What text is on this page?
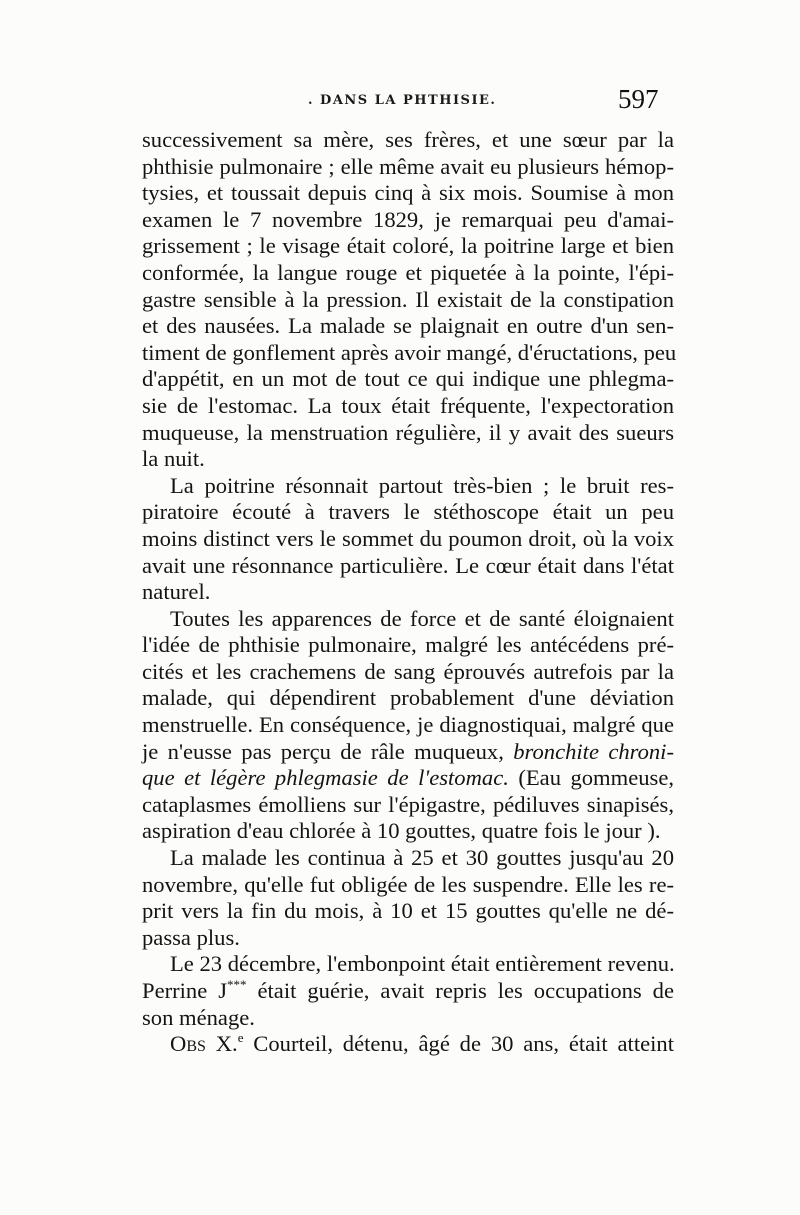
. DANS LA PHTHISIE.	597
successivement sa mère, ses frères, et une sœur par la
phthisie pulmonaire ; elle même avait eu plusieurs hémop-
tysies, et toussait depuis cinq à six mois. Soumise à mon
examen le 7 novembre 1829, je remarquai peu d'amai-
grissement ; le visage était coloré, la poitrine large et bien
conformée, la langue rouge et piquetée à la pointe, l'épi-
gastre sensible à la pression. Il existait de la constipation
et des nausées. La malade se plaignait en outre d'un sen-
timent de gonflement après avoir mangé, d'éructations, peu
d'appétit, en un mot de tout ce qui indique une phlegma-
sie de l'estomac. La toux était fréquente, l'expectoration
muqueuse, la menstruation régulière, il y avait des sueurs
la nuit.
La poitrine résonnait partout très-bien ; le bruit res-
piratoire écouté à travers le stéthoscope était un peu
moins distinct vers le sommet du poumon droit, où la voix
avait une résonnance particulière. Le cœur était dans l'état
naturel.
Toutes les apparences de force et de santé éloignaient
l'idée de phthisie pulmonaire, malgré les antécédens pré-
cités et les crachemens de sang éprouvés autrefois par la
malade, qui dépendirent probablement d'une déviation
menstruelle. En conséquence, je diagnostiquai, malgré que
je n'eusse pas perçu de râle muqueux, bronchite chroni-
que et légère phlegmasie de l'estomac. (Eau gommeuse,
cataplasmes émolliens sur l'épigastre, pédiluves sinapisés,
aspiration d'eau chlorée à 10 gouttes, quatre fois le jour ).
La malade les continua à 25 et 30 gouttes jusqu'au 20
novembre, qu'elle fut obligée de les suspendre. Elle les re-
prit vers la fin du mois, à 10 et 15 gouttes qu'elle ne dé-
passa plus.
Le 23 décembre, l'embonpoint était entièrement revenu.
Perrine J*** était guérie, avait repris les occupations de
son ménage.
Obs X.$^e$ Courteil, détenu, âgé de 30 ans, était atteint
